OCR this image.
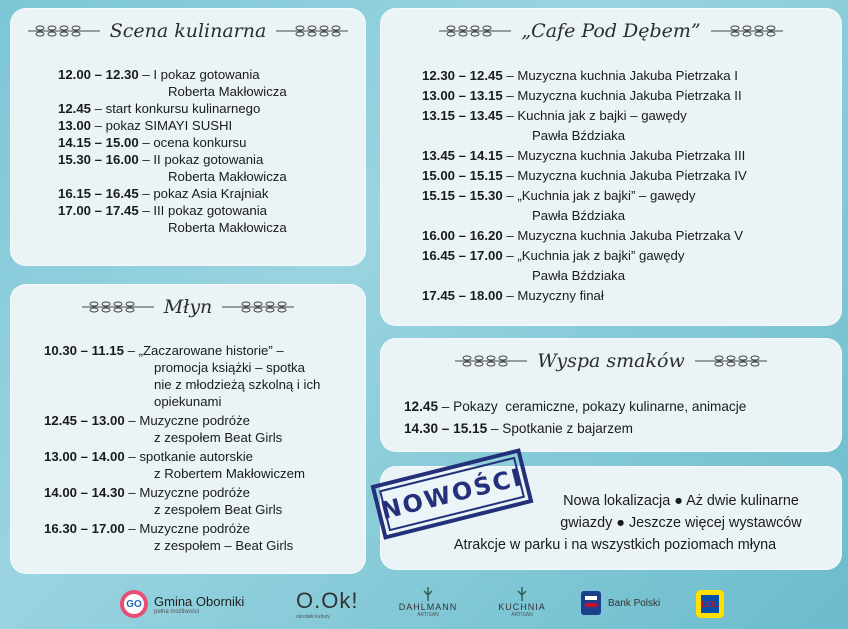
Scena kulinarna
12.00 – 12.30 – I pokaz gotowania
Roberta Makłowicza
12.45 – start konkursu kulinarnego
13.00 – pokaz SIMAYI SUSHI
14.15 – 15.00 – ocena konkursu
15.30 – 16.00 – II pokaz gotowania
Roberta Makłowicza
16.15 – 16.45 – pokaz Asia Krajniak
17.00 – 17.45 – III pokaz gotowania
Roberta Makłowicza
Młyn
10.30 – 11.15 – „Zaczarowane historie” –
promocja książki – spotka
nie z młodzieżą szkolną i ich
opiekunami
12.45 – 13.00 – Muzyczne podróże
z zespołem Beat Girls
13.00 – 14.00 – spotkanie autorskie
z Robertem Makłowiczem
14.00 – 14.30 – Muzyczne podróże
z zespołem Beat Girls
16.30 – 17.00 – Muzyczne podróże
z zespołem – Beat Girls
„Cafe Pod Dębem”
12.30 – 12.45 – Muzyczna kuchnia Jakuba Pietrzaka I
13.00 – 13.15 – Muzyczna kuchnia Jakuba Pietrzaka II
13.15 – 13.45 – Kuchnia jak z bajki – gawędy
Pawła Bździaka
13.45 – 14.15 – Muzyczna kuchnia Jakuba Pietrzaka III
15.00 – 15.15 – Muzyczna kuchnia Jakuba Pietrzaka IV
15.15 – 15.30 – „Kuchnia jak z bajki” – gawędy
Pawła Bździaka
16.00 – 16.20 – Muzyczna kuchnia Jakuba Pietrzaka V
16.45 – 17.00 – „Kuchnia jak z bajki” gawędy
Pawła Bździaka
17.45 – 18.00 – Muzyczny finał
Wyspa smaków
12.45 – Pokazy  ceramiczne, pokazy kulinarne, animacje
14.30 – 15.15 – Spotkanie z bajarzem
NOWOŚCI	Nowa lokalizacja ● Aż dwie kulinarne
gwiazdy ● Jeszcze więcej wystawców
Atrakcje w parku i na wszystkich poziomach młyna
GO Gmina Oborniki
pełna możliwości	O.Ok!
ośrodek kultury
DAHLMANN
ARTISAN
KUCHNIA
ARTISAN
Bank Polski	LIDL
